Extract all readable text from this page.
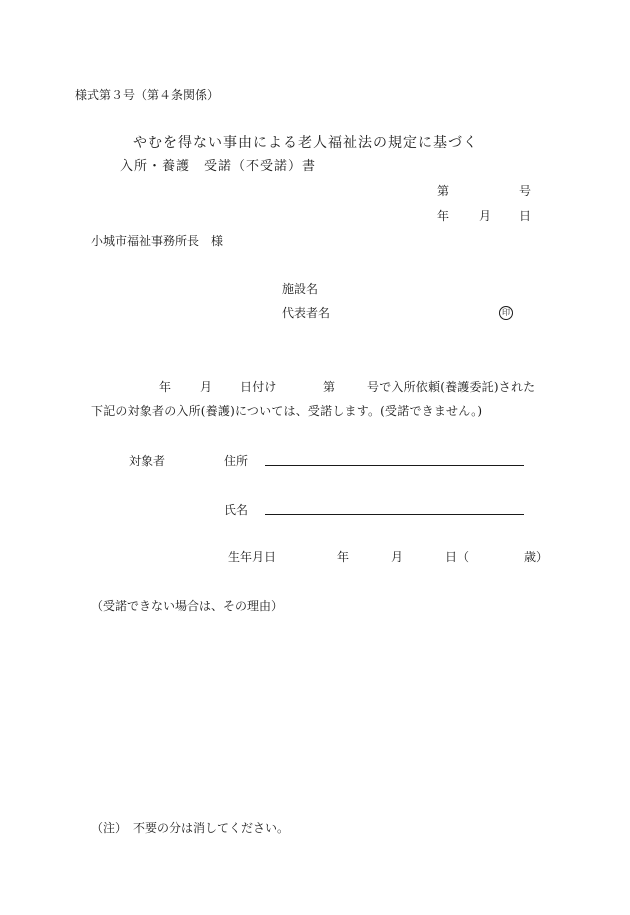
様式第３号（第４条関係）
やむを得ない事由による老人福祉法の規定に基づく
入所・養護　受諾（不受諾）書
第	号
年 月 日
小城市福祉事務所長　様
施設名
代表者名	印
年 月 日付け	第	号で入所依頼(養護委託)された
下記の対象者の入所(養護)については、受諾します。(受諾できません。)
対象者	住所
氏名
生年月日	年	月	日（	歳）
（受諾できない場合は、その理由）
（注）　不要の分は消してください。
